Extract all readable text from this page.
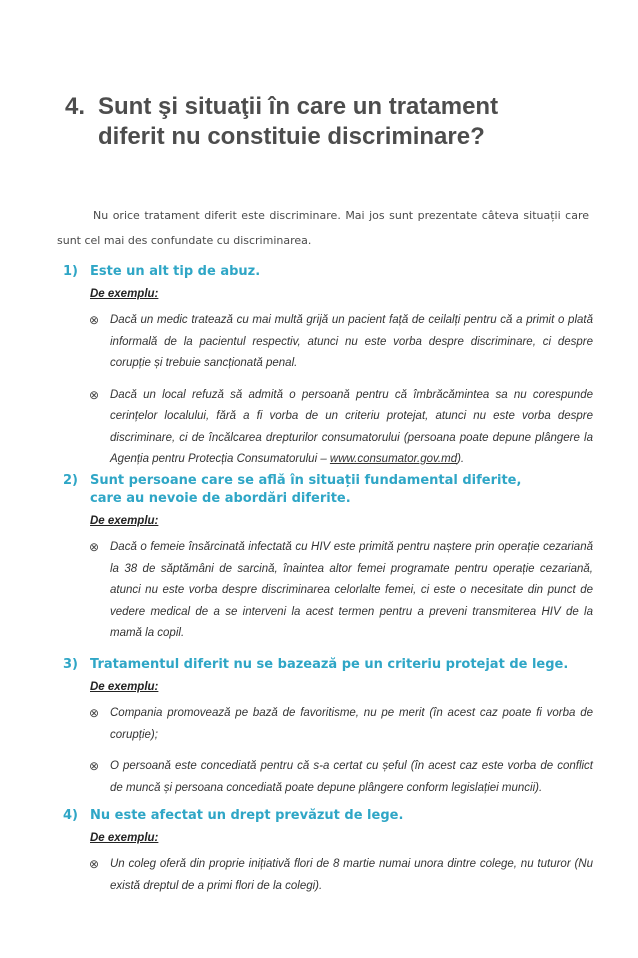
4. Sunt şi situaţii în care un tratament
diferit nu constituie discriminare?
Nu orice tratament diferit este discriminare. Mai jos sunt prezentate câteva situații care sunt cel mai des confundate cu discriminarea.
1) Este un alt tip de abuz.
De exemplu:
⊗ Dacă un medic tratează cu mai multă grijă un pacient față de ceilalți pentru că a primit o plată informală de la pacientul respectiv, atunci nu este vorba despre discriminare, ci despre corupție și trebuie sancționată penal.
⊗ Dacă un local refuză să admită o persoană pentru că îmbrăcămintea sa nu corespunde cerințelor localului, fără a fi vorba de un criteriu protejat, atunci nu este vorba despre discriminare, ci de încălcarea drepturilor consumatorului (persoana poate depune plângere la Agenția pentru Protecția Consumatorului – www.consumator.gov.md).
2) Sunt persoane care se află în situații fundamental diferite,
care au nevoie de abordări diferite.
De exemplu:
⊗ Dacă o femeie însărcinată infectată cu HIV este primită pentru naștere prin operație cezariană la 38 de săptămâni de sarcină, înaintea altor femei programate pentru operație cezariană, atunci nu este vorba despre discriminarea celorlalte femei, ci este o necesitate din punct de vedere medical de a se interveni la acest termen pentru a preveni transmiterea HIV de la mamă la copil.
3) Tratamentul diferit nu se bazează pe un criteriu protejat de lege.
De exemplu:
⊗ Compania promovează pe bază de favoritisme, nu pe merit (în acest caz poate fi vorba de corupție);
⊗ O persoană este concediată pentru că s-a certat cu șeful (în acest caz este vorba de conflict de muncă și persoana concediată poate depune plângere conform legislației muncii).
4) Nu este afectat un drept prevăzut de lege.
De exemplu:
⊗ Un coleg oferă din proprie inițiativă flori de 8 martie numai unora dintre colege, nu tuturor (Nu există dreptul de a primi flori de la colegi).
